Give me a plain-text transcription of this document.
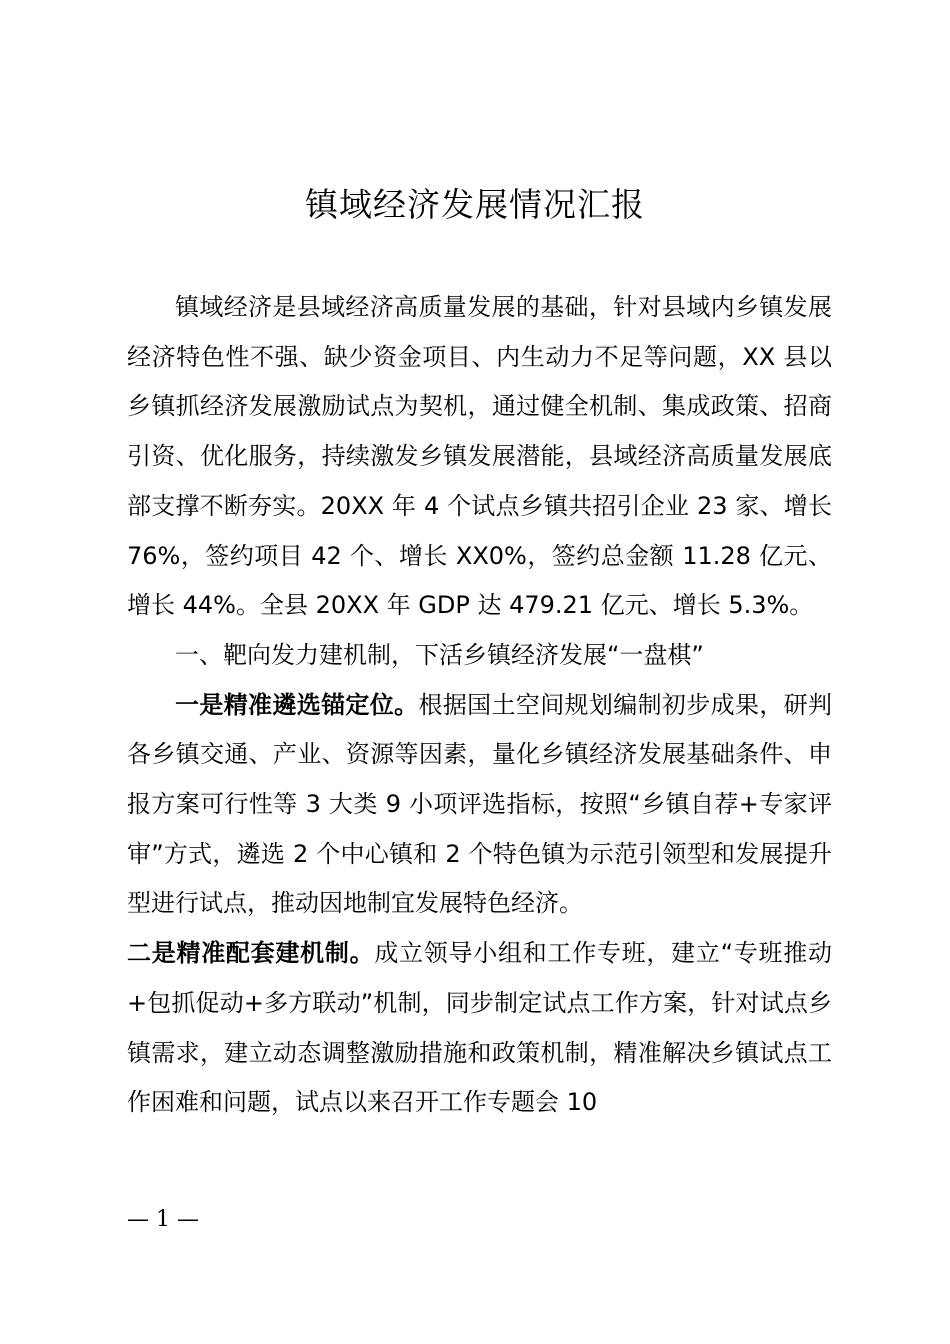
镇域经济发展情况汇报

镇域经济是县域经济高质量发展的基础，针对县域内乡镇发展经济特色性不强、缺少资金项目、内生动力不足等问题，XX 县以乡镇抓经济发展激励试点为契机，通过健全机制、集成政策、招商引资、优化服务，持续激发乡镇发展潜能，县域经济高质量发展底部支撑不断夯实。20XX 年 4 个试点乡镇共招引企业 23 家、增长 76%，签约项目 42 个、增长 XX0%，签约总金额 11.28 亿元、增长 44%。全县 20XX 年 GDP 达 479.21 亿元、增长 5.3%。

一、靶向发力建机制，下活乡镇经济发展“一盘棋”

一是精准遴选锚定位。根据国土空间规划编制初步成果，研判各乡镇交通、产业、资源等因素，量化乡镇经济发展基础条件、申报方案可行性等 3 大类 9 小项评选指标，按照“乡镇自荐+专家评审”方式，遴选 2 个中心镇和 2 个特色镇为示范引领型和发展提升型进行试点，推动因地制宜发展特色经济。

二是精准配套建机制。成立领导小组和工作专班，建立“专班推动+包抓促动+多方联动”机制，同步制定试点工作方案，针对试点乡镇需求，建立动态调整激励措施和政策机制，精准解决乡镇试点工作困难和问题，试点以来召开工作专题会 10

— 1 —
